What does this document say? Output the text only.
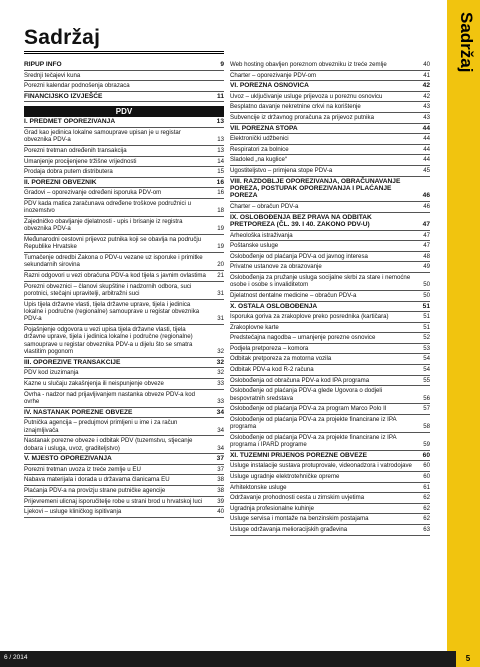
Sadržaj
RIPUP INFO	9
Srednji tečajevi kuna
Porezni kalendar podnošenja obrazaca
FINANCIJSKO IZVJEŠĆE	11
PDV
I. PREDMET OPOREZIVANJA	13
Grad kao jedinica lokalne samouprave upisan je u registar obveznika PDV-a	13
Porezni tretman određenih transakcija	13
Umanjenje procijenjene tržišne vrijednosti	14
Prodaja dobra putem distributera	15
II. POREZNI OBVEZNIK	16
Gradovi – oporezivanje određeni isporuka PDV-om	16
PDV kada matica zaračunava određene troškove podružnici u inozemstvo	18
Zajedničko obavljanje djelatnosti - upis i brisanje iz registra obveznika PDV-a	19
Međunarodni cestovni prijevoz putnika koji se obavlja na području Republike Hrvatske	19
Tumačenje odredbi Zakona o PDV-u vezane uz isporuke i primitke sekundarnih sirovina	20
Razni odgovori u vezi obračuna PDV-a kod tijela s javnim ovlastima	21
Porezni obveznici – članovi skupštine i nadzornih odbora, suci porotnici, stečajni upravitelji, arbitražni suci	31
Upis tijela državne vlasti, tijela državne uprave, tijela i jedinica lokalne i područne (regionalne) samouprave u registar obveznika PDV-a	31
Pojašnjenje odgovora u vezi upisa tijela državne vlasti, tijela državne uprave, tijela i jedinica lokalne i područne (regionalne) samouprave u registar obveznika PDV-a u dijelu što se smatra vlastitim pogonom	32
III. OPOREZIVE TRANSAKCIJE	32
PDV kod izuzimanja	32
Kazne u slučaju zakašnjenja ili neispunjenje obveze	33
Ovrha - nadzor nad prijavljivanjem nastanka obveze PDV-a kod ovrhe	33
IV. NASTANAK POREZNE OBVEZE	34
Putnička agencija – predujmovi primljeni u ime i za račun iznajmljivača	34
Nastanak porezne obveze i odbitak PDV (tuzemstvu, stjecanje dobara i usluga, uvoz, graditeljstvo)	34
V. MJESTO OPOREZIVANJA	37
Porezni tretman uvoza iz treće zemlje u EU	37
Nabava materijala i dorada u državama članicama EU	38
Plaćanja PDV-a na provizju strane putničke agencije	38
Prijevremeni ulicnaj isporučitelje robe u strani brod u hrvatskoj luci	39
Ljekovi – usluge kliničkog ispitivanja	40
Web hosting obavljen poreznom obvezniku iz treće zemlje	40
Charter – oporezivanje PDV-om	41
VI. POREZNA OSNOVICA	42
Uvoz – uključivanje usluge prijevoza u poreznu osnovicu	42
Besplatno davanje nekretnine crkvi na korištenje	43
Subvencije iz državnog proračuna za prijevoz putnika	43
VII. POREZNA STOPA	44
Elektronički udžbenici	44
Respiratori za bolnice	44
Sladoled „na kuglice“	44
Ugostiteljstvo – primjena stope PDV-a	45
VIII. RAZDOBLJE OPOREZIVANJA, OBRAČUNAVANJE POREZA, POSTUPAK OPOREZIVANJA I PLAĆANJE POREZA	46
Charter – obračun PDV-a	46
IX. OSLOBOĐENJA BEZ PRAVA NA ODBITAK PRETPOREZA (ČL. 39. I 40. ZAKONO PDV-U)	47
Arheološka istraživanja	47
Poštanske usluge	47
Oslobođenje od plaćanja PDV-a od javnog interesa	48
Privatne ustanove za obrazovanje	49
Oslobođenja za pružanje usluga socijalne skrbi za stare i nemoćne osobe i osobe s invaliditetom	50
Djelatnost dentalne medicine – obračun PDV-a	50
X. OSTALA OSLOBOĐENJA	51
Isporuka goriva za zrakoplove preko posrednika (kartičara)	51
Zrakoplovne karte	51
Predstečajna nagodba – umanjenje porezne osnovice	52
Podjela pretporeza – komora	53
Odbitak pretporeza za motorna vozila	54
Odbitak PDV-a kod R-2 računa	54
Oslobođenja od obračuna PDV-a kod IPA programa	55
Oslobođenje od plaćanja PDV-a glede Ugovora o dodjeli bespovratnih sredstava	56
Oslobođenje od plaćanja PDV-a za program Marco Polo II	57
Oslobođenje od plaćanja PDV-a za projekte financirane iz IPA programa	58
Oslobođenje od plaćanja PDV-a za projekte financirane iz IPA programa i IPARD programe	59
XI. TUZEMNI PRIJENOS POREZNE OBVEZE	60
Usluge instalacije sustava protuprovale, videonadzora i vatrodojave	60
Usluge ugradnje elektrotehničke opreme	60
Arhitektonske usluge	61
Održavanje prohodnosti cesta u zimskim uvjetima	62
Ugradnja profesionalne kuhinje	62
Usluge servisa i montaže na benzinskim postajama	62
Usluge održavanja melioracijskih građevina	63
Sadržaj
6 / 2014	5
